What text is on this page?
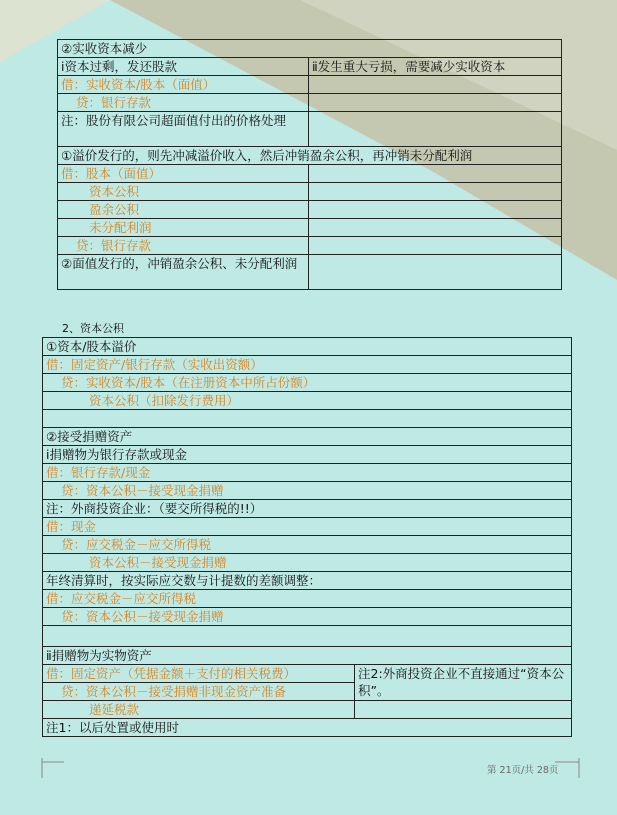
②实收资本减少	
ⅰ资本过剩，发还股款	ⅱ发生重大亏损，需要减少实收资本
借：实收资本/股本（面值）	
贷：银行存款	
注：股份有限公司超面值付出的价格处理	
①溢价发行的，则先冲减溢价收入，然后冲销盈余公积，再冲销未分配利润	
借：股本（面值）	
资本公积	
盈余公积	
未分配利润	
贷：银行存款	
②面值发行的，冲销盈余公积、未分配利润	
2、资本公积
①资本/股本溢价	
借：固定资产/银行存款（实收出资额）	
贷：实收资本/股本（在注册资本中所占份额）	
资本公积（扣除发行费用）	

②接受捐赠资产	
ⅰ捐赠物为银行存款或现金	
借：银行存款/现金	
贷：资本公积－接受现金捐赠	
注：外商投资企业：（要交所得税的!!）	
借：现金	
贷：应交税金－应交所得税	
资本公积－接受现金捐赠	
年终清算时，按实际应交数与计提数的差额调整：	
借：应交税金－应交所得税	
贷：资本公积－接受现金捐赠	

ⅱ捐赠物为实物资产	
借：固定资产（凭据金额＋支付的相关税费）	注2:外商投资企业不直接通过“资本公积”。
贷：资本公积－接受捐赠非现金资产准备	
递延税款	
注1：以后处置或使用时	
第 21页/共 28页
